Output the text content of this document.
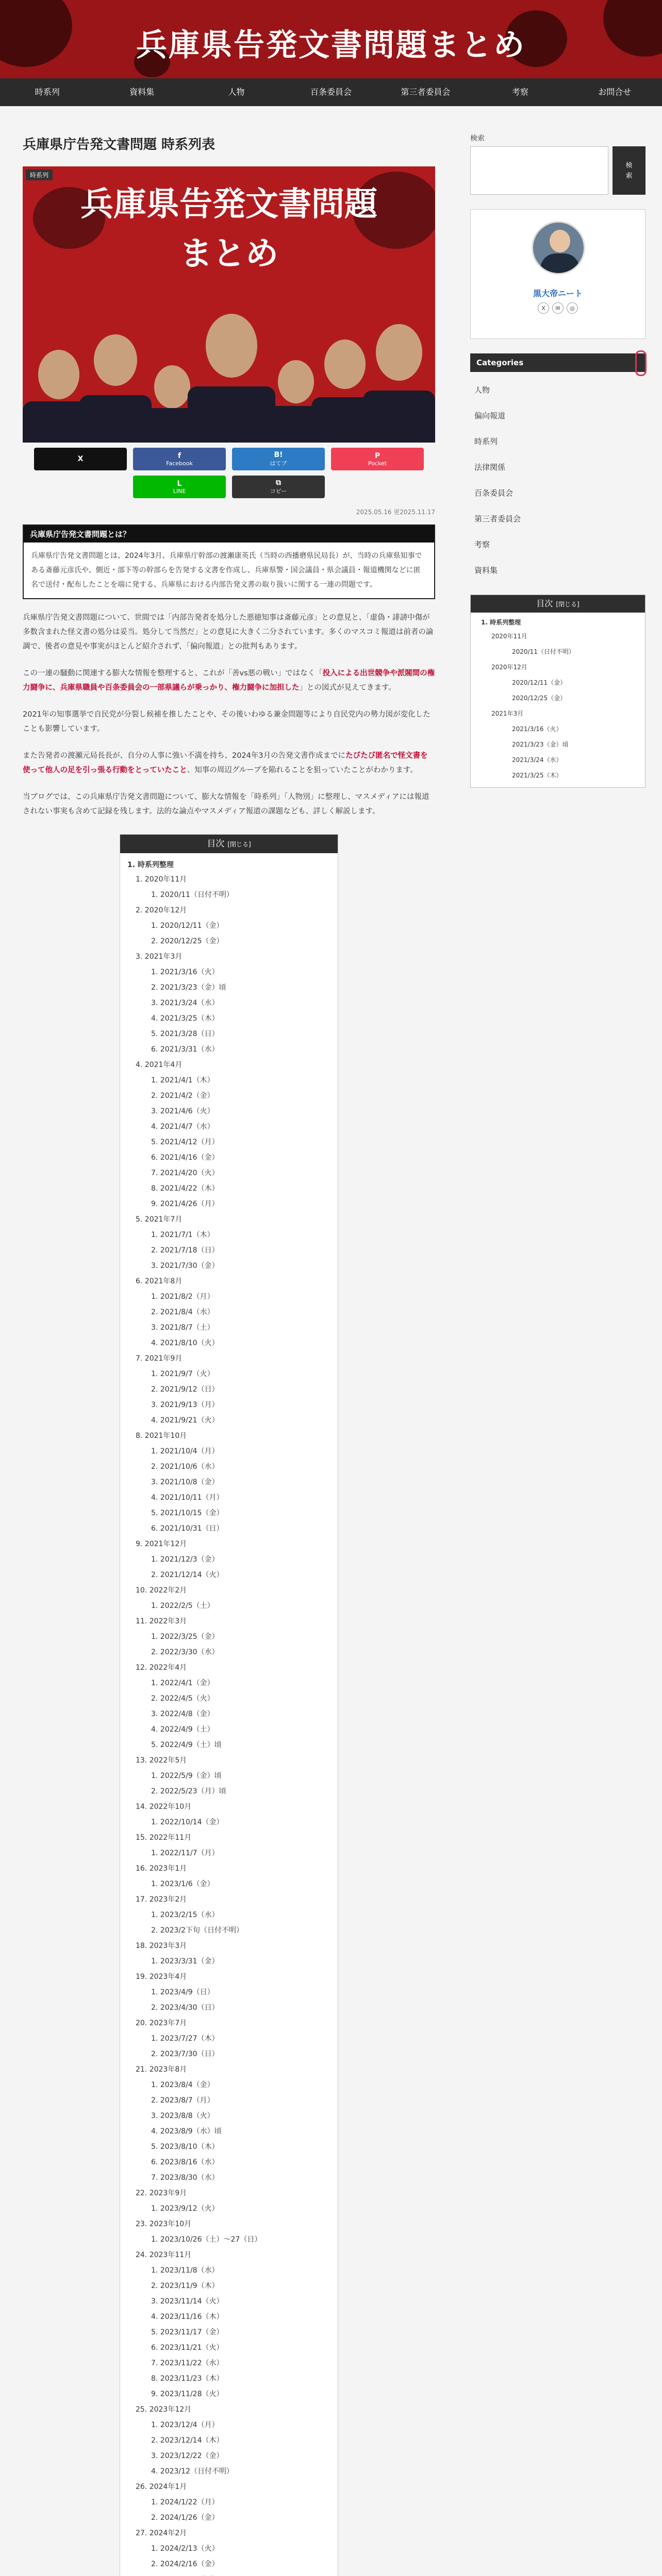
兵庫県告発文書問題まとめ
時系列	資料集	人物	百条委員会	第三者委員会	考察	お問合せ
兵庫県庁告発文書問題 時系列表
時系列
兵庫県告発文書問題
まとめ
X	f
Facebook
B!
はてブ
P
Pocket
L
LINE
⧉
コピー
2025.05.16 更2025.11.17
兵庫県庁告発文書問題とは？
兵庫県庁告発文書問題とは、2024年3月、兵庫県庁幹部の渡瀬康英氏（当時の西播磨県民局長）が、当時の兵庫県知事である斎藤元彦氏や、側近・部下等の幹部らを告発する文書を作成し、兵庫県警・国会議員・県会議員・報道機関などに匿名で送付・配布したことを端に発する、兵庫県における内部告発文書の取り扱いに関する一連の問題です。

兵庫県庁告発文書問題について、世間では「内部告発者を処分した悪徳知事は斎藤元彦」との意見と、「虚偽・誹謗中傷が多数含まれた怪文書の処分は妥当。処分して当然だ」との意見に大きく二分されています。多くのマスコミ報道は前者の論調で、後者の意見や事実がほとんど紹介されず、「偏向報道」との批判もあります。

この一連の騒動に関連する膨大な情報を整理すると、これが「善vs悪の戦い」ではなく「投入による出世競争や派閥間の権力闘争に、兵庫県職員や百条委員会の一部県議らが乗っかり、権力闘争に加担した」との図式が見えてきます。

2021年の知事選挙で自民党が分裂し候補を推したことや、その後いわゆる兼金問題等により自民党内の勢力図が変化したことも影響しています。

また告発者の渡瀬元局長長が、自分の人事に強い不満を持ち、2024年3月の告発文書作成までにたびたび匿名で怪文書を使って他人の足を引っ張る行動をとっていたこと、知事の周辺グループを陥れることを狙っていたことがわかります。

当ブログでは、この兵庫県庁告発文書問題について、膨大な情報を「時系列」「人物別」に整理し、マスメディアには報道されない事実も含めて記録を残します。法的な論点やマスメディア報道の課題なども、詳しく解説します。

目次 [閉じる]
1. 時系列整理
1. 2020年11月
1. 2020/11（日付不明）
2. 2020年12月
1. 2020/12/11（金）
2. 2020/12/25（金）
3. 2021年3月
1. 2021/3/16（火）
2. 2021/3/23（金）頃
3. 2021/3/24（水）
4. 2021/3/25（木）
5. 2021/3/28（日）
6. 2021/3/31（水）
4. 2021年4月
1. 2021/4/1（木）
2. 2021/4/2（金）
3. 2021/4/6（火）
4. 2021/4/7（水）
5. 2021/4/12（月）
6. 2021/4/16（金）
7. 2021/4/20（火）
8. 2021/4/22（木）
9. 2021/4/26（月）
5. 2021年7月
1. 2021/7/1（木）
2. 2021/7/18（日）
3. 2021/7/30（金）
6. 2021年8月
1. 2021/8/2（月）
2. 2021/8/4（水）
3. 2021/8/7（土）
4. 2021/8/10（火）
7. 2021年9月
1. 2021/9/7（火）
2. 2021/9/12（日）
3. 2021/9/13（月）
4. 2021/9/21（火）
8. 2021年10月
1. 2021/10/4（月）
2. 2021/10/6（水）
3. 2021/10/8（金）
4. 2021/10/11（月）
5. 2021/10/15（金）
6. 2021/10/31（日）
9. 2021年12月
1. 2021/12/3（金）
2. 2021/12/14（火）
10. 2022年2月
1. 2022/2/5（土）
11. 2022年3月
1. 2022/3/25（金）
2. 2022/3/30（水）
12. 2022年4月
1. 2022/4/1（金）
2. 2022/4/5（火）
3. 2022/4/8（金）
4. 2022/4/9（土）
5. 2022/4/9（土）頃
13. 2022年5月
1. 2022/5/9（金）頃
2. 2022/5/23（月）頃
14. 2022年10月
1. 2022/10/14（金）
15. 2022年11月
1. 2022/11/7（月）
16. 2023年1月
1. 2023/1/6（金）
17. 2023年2月
1. 2023/2/15（水）
2. 2023/2下旬（日付不明）
18. 2023年3月
1. 2023/3/31（金）
19. 2023年4月
1. 2023/4/9（日）
2. 2023/4/30（日）
20. 2023年7月
1. 2023/7/27（木）
2. 2023/7/30（日）
21. 2023年8月
1. 2023/8/4（金）
2. 2023/8/7（月）
3. 2023/8/8（火）
4. 2023/8/9（水）頃
5. 2023/8/10（木）
6. 2023/8/16（水）
7. 2023/8/30（水）
22. 2023年9月
1. 2023/9/12（火）
23. 2023年10月
1. 2023/10/26（土）～27（日）
24. 2023年11月
1. 2023/11/8（水）
2. 2023/11/9（木）
3. 2023/11/14（火）
4. 2023/11/16（木）
5. 2023/11/17（金）
6. 2023/11/21（火）
7. 2023/11/22（水）
8. 2023/11/23（木）
9. 2023/11/28（火）
25. 2023年12月
1. 2023/12/4（月）
2. 2023/12/14（木）
3. 2023/12/22（金）
4. 2023/12（日付不明）
26. 2024年1月
1. 2024/1/22（月）
2. 2024/1/26（金）
27. 2024年2月
1. 2024/2/13（火）
2. 2024/2/16（金）
検索
検
索
黒大帝ニート
X	✉	◎
Categories
人物
偏向報道
時系列
法律関係
百条委員会
第三者委員会
考察
資料集
目次 [閉じる]
1. 時系列整理
2020年11月
2020/11（日付不明）
2020年12月
2020/12/11（金）
2020/12/25（金）
2021年3月
2021/3/16（火）
2021/3/23（金）頃
2021/3/24（水）
2021/3/25（木）
